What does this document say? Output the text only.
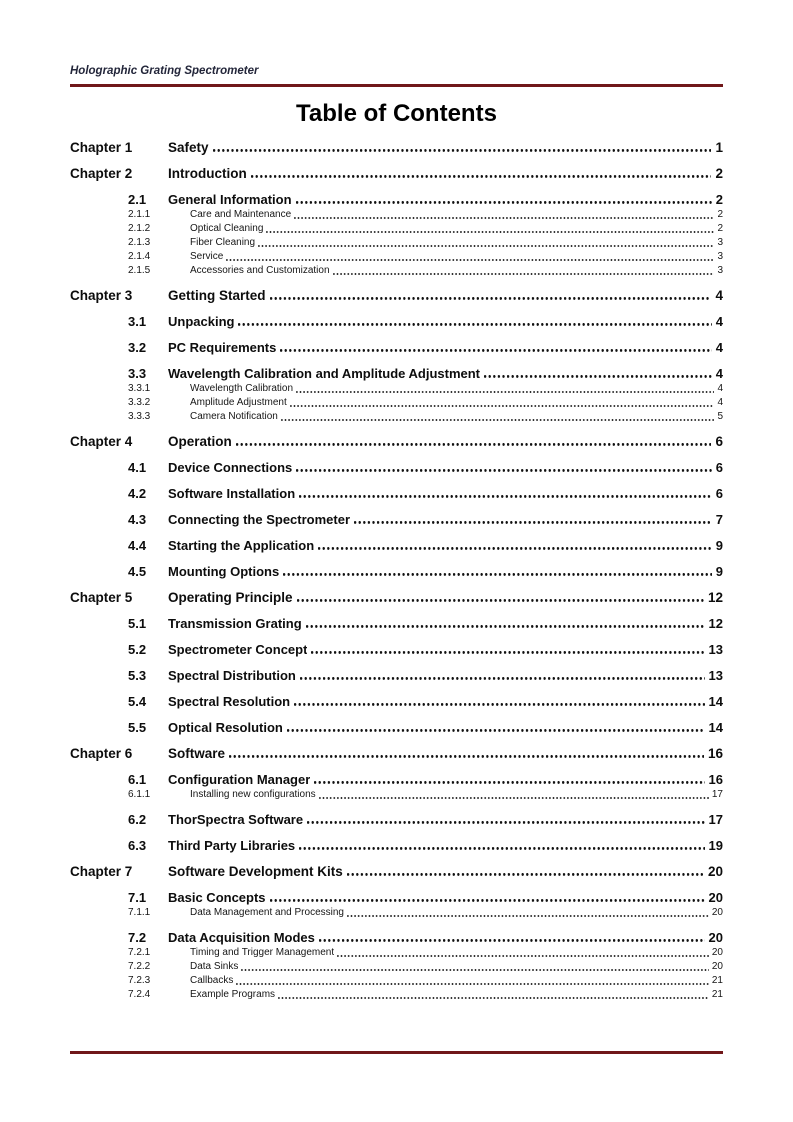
Holographic Grating Spectrometer
Table of Contents
Chapter 1	Safety	1
Chapter 2	Introduction	2
2.1	General Information	2
2.1.1	Care and Maintenance	2
2.1.2	Optical Cleaning	2
2.1.3	Fiber Cleaning	3
2.1.4	Service	3
2.1.5	Accessories and Customization	3
Chapter 3	Getting Started	4
3.1	Unpacking	4
3.2	PC Requirements	4
3.3	Wavelength Calibration and Amplitude Adjustment	4
3.3.1	Wavelength Calibration	4
3.3.2	Amplitude Adjustment	4
3.3.3	Camera Notification	5
Chapter 4	Operation	6
4.1	Device Connections	6
4.2	Software Installation	6
4.3	Connecting the Spectrometer	7
4.4	Starting the Application	9
4.5	Mounting Options	9
Chapter 5	Operating Principle	12
5.1	Transmission Grating	12
5.2	Spectrometer Concept	13
5.3	Spectral Distribution	13
5.4	Spectral Resolution	14
5.5	Optical Resolution	14
Chapter 6	Software	16
6.1	Configuration Manager	16
6.1.1	Installing new configurations	17
6.2	ThorSpectra Software	17
6.3	Third Party Libraries	19
Chapter 7	Software Development Kits	20
7.1	Basic Concepts	20
7.1.1	Data Management and Processing	20
7.2	Data Acquisition Modes	20
7.2.1	Timing and Trigger Management	20
7.2.2	Data Sinks	20
7.2.3	Callbacks	21
7.2.4	Example Programs	21
